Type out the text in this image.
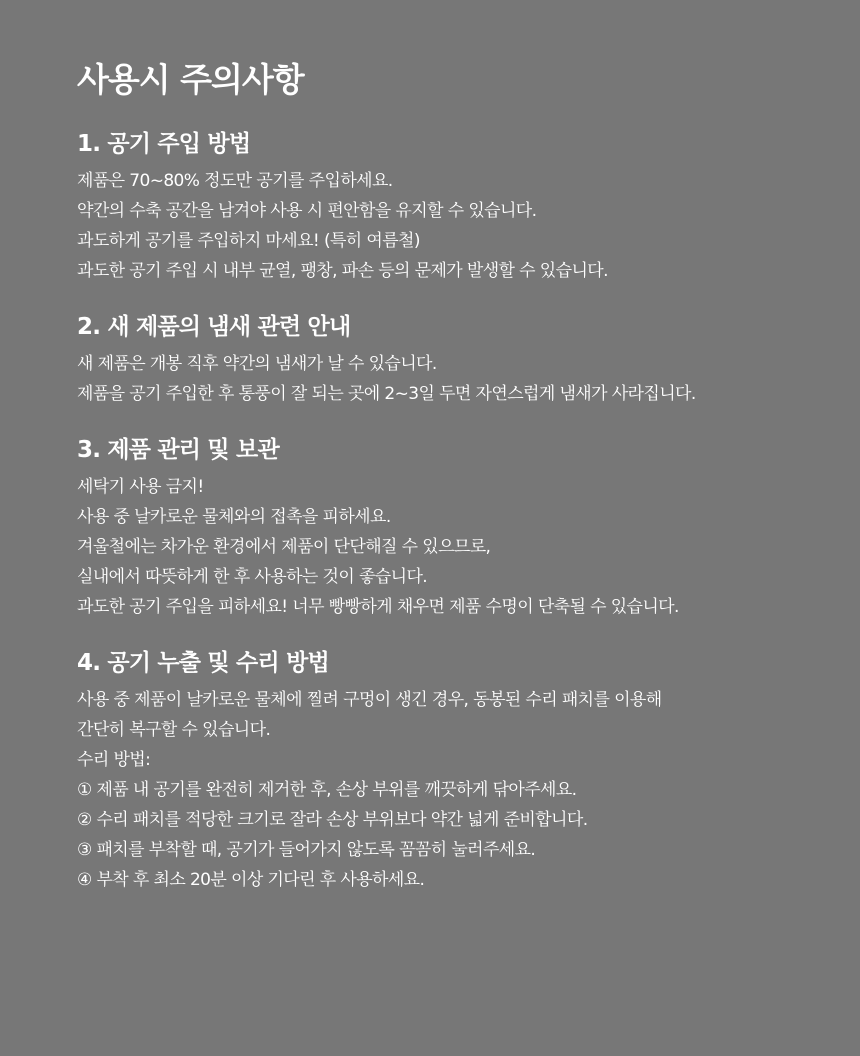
사용시 주의사항
1. 공기 주입 방법
제품은 70~80% 정도만 공기를 주입하세요.
약간의 수축 공간을 남겨야 사용 시 편안함을 유지할 수 있습니다.
과도하게 공기를 주입하지 마세요! (특히 여름철)
과도한 공기 주입 시 내부 균열, 팽창, 파손 등의 문제가 발생할 수 있습니다.
2. 새 제품의 냄새 관련 안내
새 제품은 개봉 직후 약간의 냄새가 날 수 있습니다.
제품을 공기 주입한 후 통풍이 잘 되는 곳에 2~3일 두면 자연스럽게 냄새가 사라집니다.
3. 제품 관리 및 보관
세탁기 사용 금지!
사용 중 날카로운 물체와의 접촉을 피하세요.
겨울철에는 차가운 환경에서 제품이 단단해질 수 있으므로,
실내에서 따뜻하게 한 후 사용하는 것이 좋습니다.
과도한 공기 주입을 피하세요! 너무 빵빵하게 채우면 제품 수명이 단축될 수 있습니다.
4. 공기 누출 및 수리 방법
사용 중 제품이 날카로운 물체에 찔려 구멍이 생긴 경우, 동봉된 수리 패치를 이용해
간단히 복구할 수 있습니다.
수리 방법:
① 제품 내 공기를 완전히 제거한 후, 손상 부위를 깨끗하게 닦아주세요.
② 수리 패치를 적당한 크기로 잘라 손상 부위보다 약간 넓게 준비합니다.
③ 패치를 부착할 때, 공기가 들어가지 않도록 꼼꼼히 눌러주세요.
④ 부착 후 최소 20분 이상 기다린 후 사용하세요.
